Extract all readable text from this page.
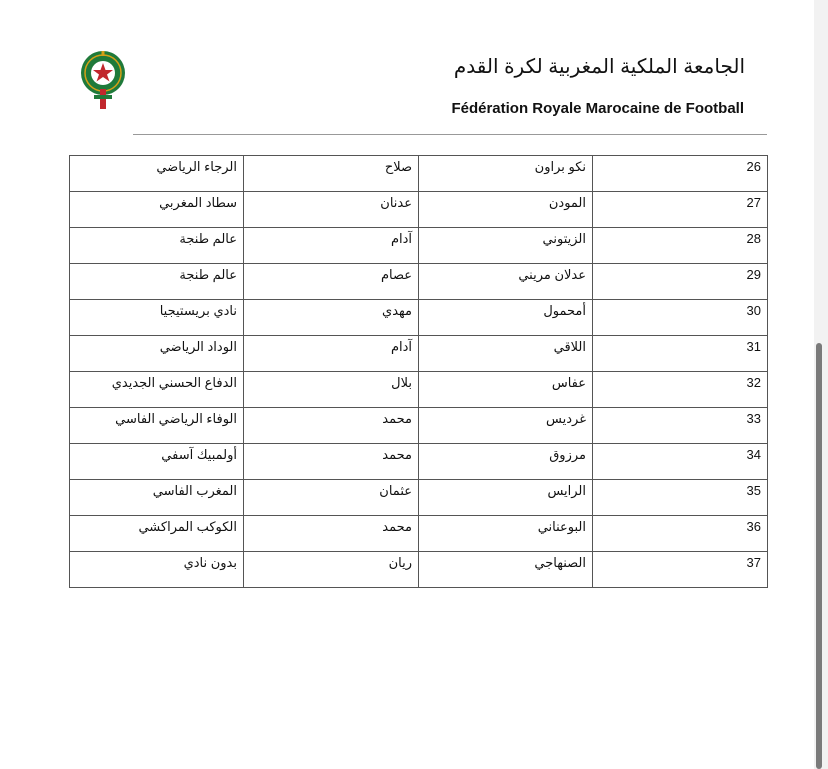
الجامعة الملكية المغربية لكرة القدم
Fédération Royale Marocaine de Football
الرجاء الرياضي	صلاح	نكو براون	26

سطاد المغربي	عدنان	المودن	27

عالم طنجة	آدام	الزيتوني	28

عالم طنجة	عصام	عدلان مريني	29

نادي بريستيجيا	مهدي	أمحمول	30

الوداد الرياضي	آدام	اللاقي	31

الدفاع الحسني الجديدي	بلال	عفاس	32

الوفاء الرياضي الفاسي	محمد	غرديس	33

أولمبيك آسفي	محمد	مرزوق	34

المغرب الفاسي	عثمان	الرايس	35

الكوكب المراكشي	محمد	البوعناني	36

بدون نادي	ريان	الصنهاجي	37
